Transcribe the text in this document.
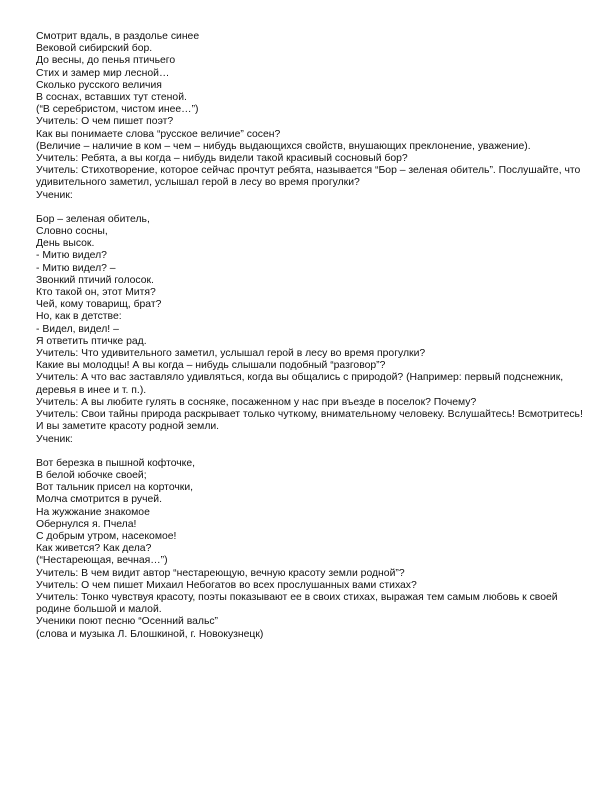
Смотрит вдаль, в раздолье синее
Вековой сибирский бор.
До весны, до пенья птичьего
Стих и замер мир лесной…
Сколько русского величия
В соснах, вставших тут стеной.
(“В серебристом, чистом инее…”)

Учитель: О чем пишет поэт?

Как вы понимаете слова “русское величие” сосен?

(Величие – наличие в ком – чем – нибудь выдающихся свойств, внушающих преклонение, уважение).

Учитель: Ребята, а вы когда – нибудь видели такой красивый сосновый бор?

Учитель: Стихотворение, которое сейчас прочтут ребята, называется “Бор – зеленая обитель”. Послушайте, что
удивительного заметил, услышал герой в лесу во время прогулки?

Ученик:

Бор – зеленая обитель,
Словно сосны,
День высок.
- Митю видел?
- Митю видел? –
Звонкий птичий голосок.
Кто такой он, этот Митя?
Чей, кому товарищ, брат?
Но, как в детстве:
- Видел, видел! –
Я ответить птичке рад.
Учитель: Что удивительного заметил, услышал герой в лесу во время прогулки?

Какие вы молодцы! А вы когда – нибудь слышали подобный “разговор”?

Учитель: А что вас заставляло удивляться, когда вы общались с природой? (Например: первый подснежник,
деревья в инее и т. п.).

Учитель: А вы любите гулять в сосняке, посаженном у нас при въезде в поселок? Почему?

Учитель: Свои тайны природа раскрывает только чуткому, внимательному человеку. Вслушайтесь! Всмотритесь!
И вы заметите красоту родной земли.

Ученик:

Вот березка в пышной кофточке,
В белой юбочке своей;
Вот тальник присел на корточки,
Молча смотрится в ручей.
На жужжание знакомое
Обернулся я. Пчела!
С добрым утром, насекомое!
Как живется? Как дела?
(“Нестареющая, вечная…”)

Учитель: В чем видит автор “нестареющую, вечную красоту земли родной”?

Учитель: О чем пишет Михаил Небогатов во всех прослушанных вами стихах?

Учитель: Тонко чувствуя красоту, поэты показывают ее в своих стихах, выражая тем самым любовь к своей
родине большой и малой.

Ученики поют песню “Осенний вальс”

(слова и музыка Л. Блошкиной, г. Новокузнецк)
